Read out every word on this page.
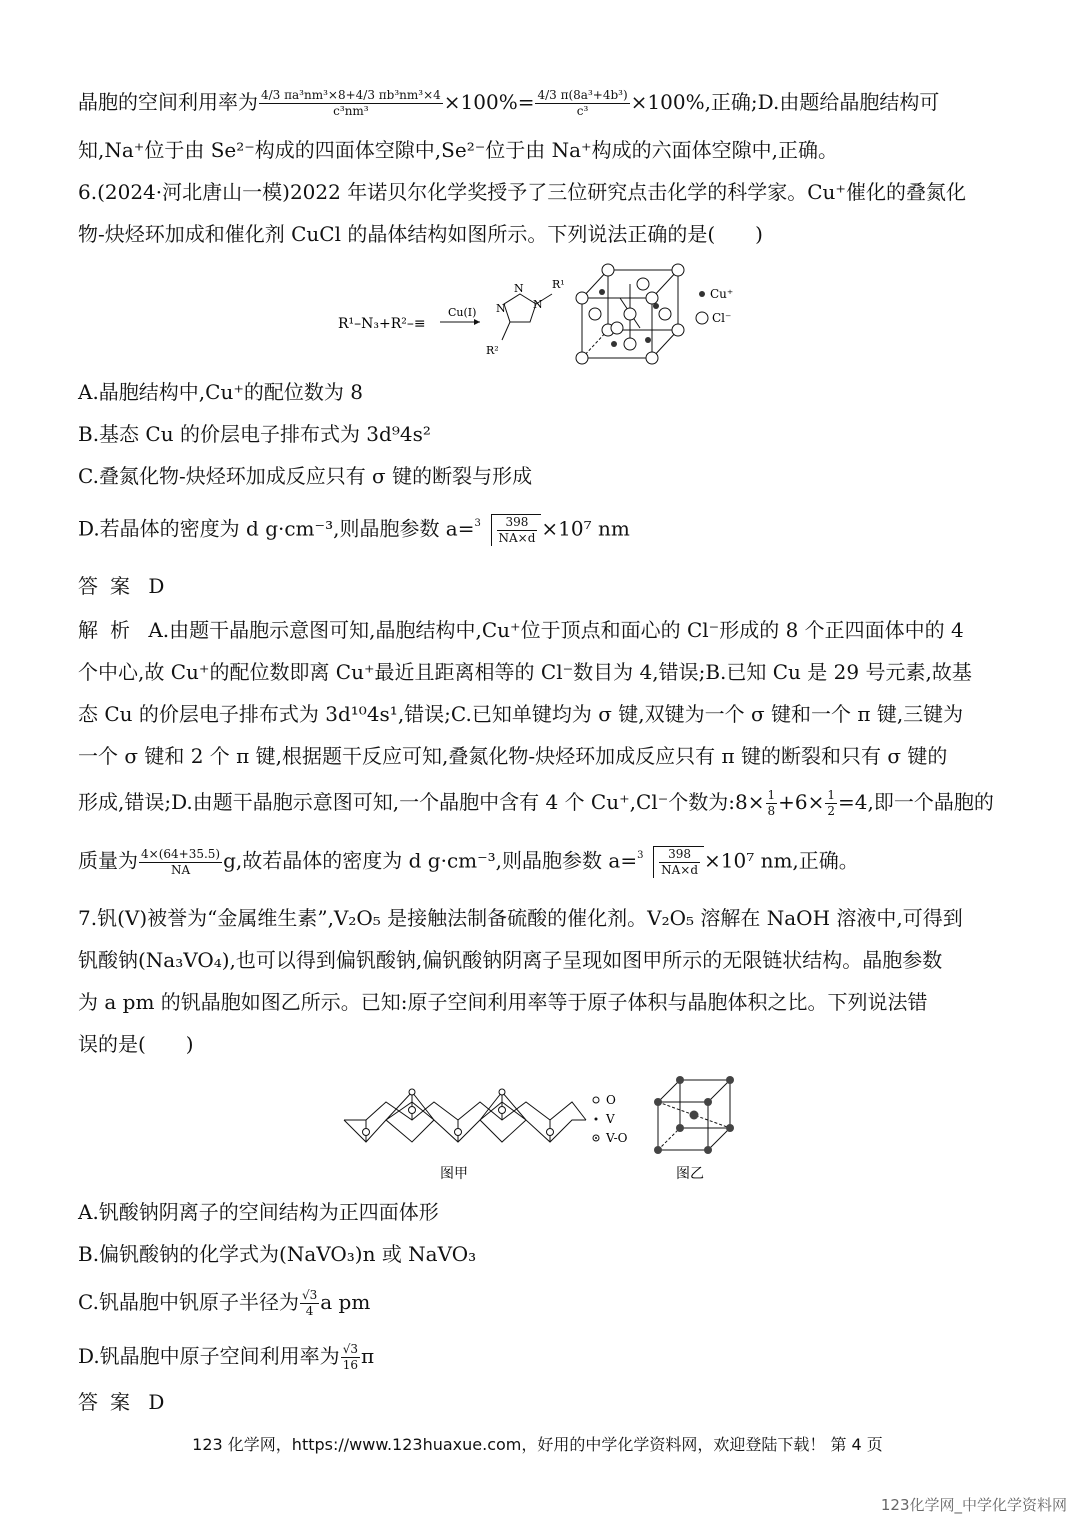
晶胞的空间利用率为 $\frac{\text{4/3 πa³nm³×8+4/3 πb³nm³×4}}{\text{c³nm³}} \times 100\%= \frac{\text{4/3 π(8a³+4b³)}}{\text{c³}} \times 100\%$,正确;D.由题给晶胞结构可
知,Na⁺位于由 Se²⁻构成的四面体空隙中,Se²⁻位于由 Na⁺构成的六面体空隙中,正确。
6.(2024·河北唐山一模)2022 年诺贝尔化学奖授予了三位研究点击化学的科学家。Cu⁺催化的叠氮化
物-炔烃环加成和催化剂 CuCl 的晶体结构如图所示。下列说法正确的是(　　)
R¹–N₃+R²–≡
Cu(I) N
N
N
R¹
R²
Cu⁺
Cl⁻
A.晶胞结构中,Cu⁺的配位数为 8
B.基态 Cu 的价层电子排布式为 3d⁹4s²
C.叠氮化物-炔烃环加成反应只有 σ 键的断裂与形成
D.若晶体的密度为 d g·cm⁻³,则晶胞参数 $a= 3 \frac{398}{NA\times d} \times 10^7$ nm
答案 D
解析 A.由题干晶胞示意图可知,晶胞结构中,Cu⁺位于顶点和面心的 Cl⁻形成的 8 个正四面体中的 4
个中心,故 Cu⁺的配位数即离 Cu⁺最近且距离相等的 Cl⁻数目为 4,错误;B.已知 Cu 是 29 号元素,故基
态 Cu 的价层电子排布式为 3d¹⁰4s¹,错误;C.已知单键均为 σ 键,双键为一个 σ 键和一个 π 键,三键为
一个 σ 键和 2 个 π 键,根据题干反应可知,叠氮化物-炔烃环加成反应只有 π 键的断裂和只有 σ 键的
形成,错误;D.由题干晶胞示意图可知,一个晶胞中含有 4 个 Cu⁺,Cl⁻个数为:8× $\frac{1}{8} +6\times \frac{1}{2} =4$,即一个晶胞的
质量为 $\frac{4\times(64+35.5)}{NA} g$,故若晶体的密度为 d g·cm⁻³,则晶胞参数 $a= 3 \frac{398}{NA\times d} \times 10^7$ nm,正确。
7.钒(V)被誉为“金属维生素”,V₂O₅ 是接触法制备硫酸的催化剂。V₂O₅ 溶解在 NaOH 溶液中,可得到
钒酸钠(Na₃VO₄),也可以得到偏钒酸钠,偏钒酸钠阴离子呈现如图甲所示的无限链状结构。晶胞参数
为 a pm 的钒晶胞如图乙所示。已知:原子空间利用率等于原子体积与晶胞体积之比。下列说法错
误的是(　　)
图甲
O
V
V-O
图乙
A.钒酸钠阴离子的空间结构为正四面体形
B.偏钒酸钠的化学式为(NaVO₃)n 或 NaVO₃
C.钒晶胞中钒原子半径为 $\frac{√3}{4}$ a pm
D.钒晶胞中原子空间利用率为 $\frac{√3}{16}$ π
答案 D
123 化学网，https://www.123huaxue.com，好用的中学化学资料网，欢迎登陆下载！ 第 4 页
123化学网_中学化学资料网
